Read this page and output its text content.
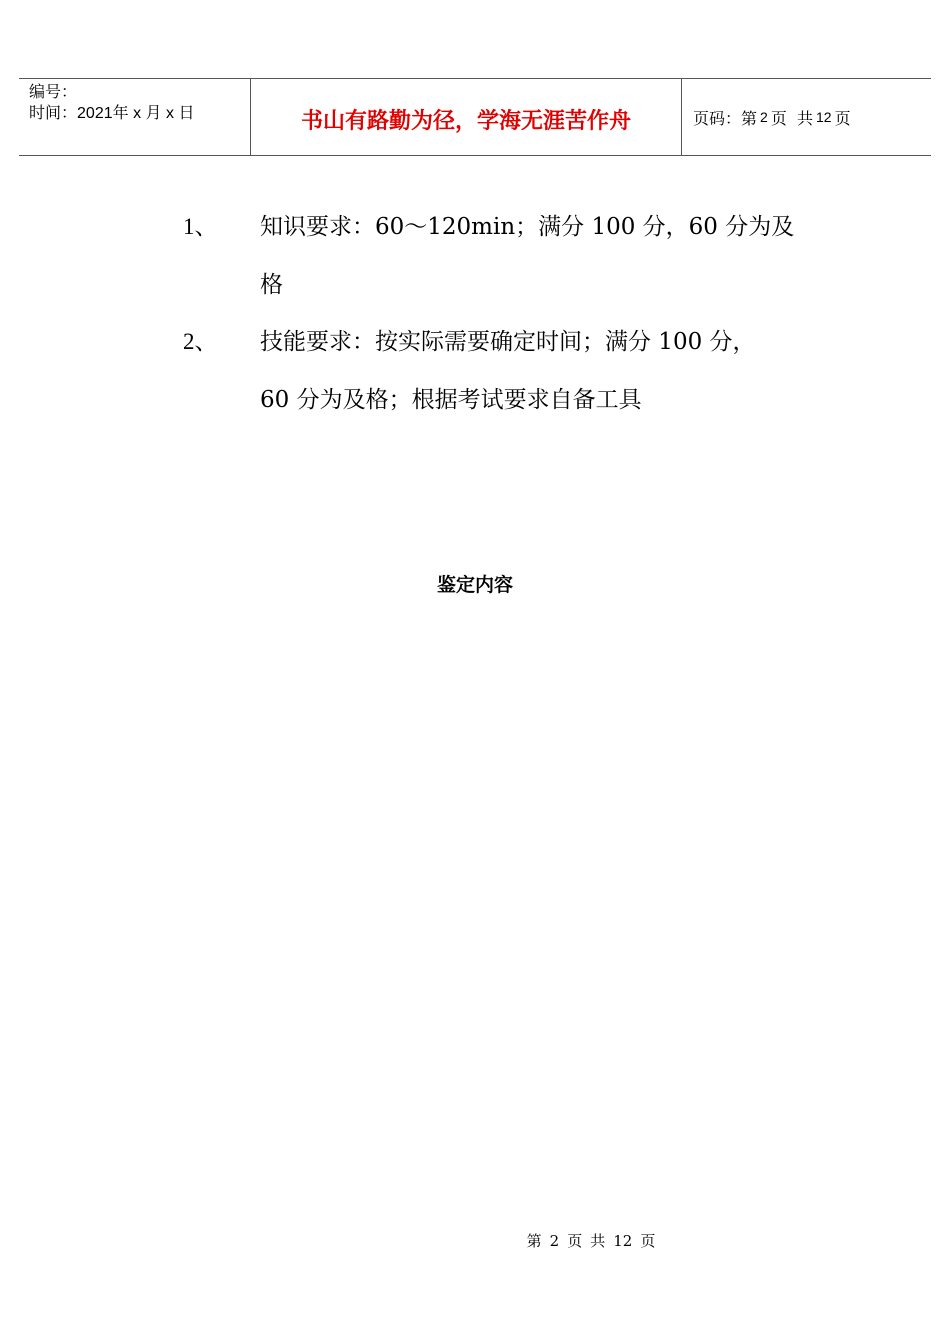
编号：
时间：2021年 x 月 x 日	书山有路勤为径，学海无涯苦作舟	页码：第 2 页
共 12 页
1、 知识要求：60～120min；满分 100 分，60 分为及
格
2、 技能要求：按实际需要确定时间；满分 100 分，
60 分为及格；根据考试要求自备工具
鉴定内容
第 2 页 共 12 页
